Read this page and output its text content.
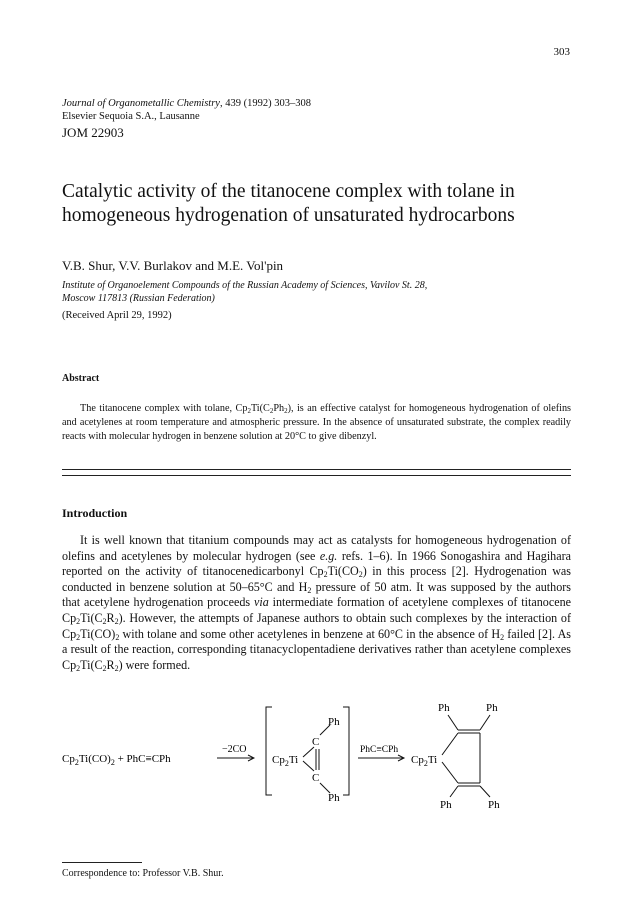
303
Journal of Organometallic Chemistry, 439 (1992) 303–308
Elsevier Sequoia S.A., Lausanne
JOM 22903
Catalytic activity of the titanocene complex with tolane in homogeneous hydrogenation of unsaturated hydrocarbons
V.B. Shur, V.V. Burlakov and M.E. Vol'pin
Institute of Organoelement Compounds of the Russian Academy of Sciences, Vavilov St. 28,
Moscow 117813 (Russian Federation)
(Received April 29, 1992)
Abstract

The titanocene complex with tolane, $Cp_2Ti(C_2Ph_2)$, is an effective catalyst for homogeneous hydrogenation of olefins and acetylenes at room temperature and atmospheric pressure. In the absence of unsaturated substrate, the complex readily reacts with molecular hydrogen in benzene solution at 20°C to give dibenzyl.

Introduction

It is well known that titanium compounds may act as catalysts for homogeneous hydrogenation of olefins and acetylenes by molecular hydrogen (see e.g. refs. 1–6). In 1966 Sonogashira and Hagihara reported on the activity of titanocenedicarbonyl $Cp_2Ti(CO_2)$ in this process [2]. Hydrogenation was conducted in benzene solution at 50–65°C and $H_2$ pressure of 50 atm. It was supposed by the authors that acetylene hydrogenation proceeds via intermediate formation of acetylene complexes of titanocene $Cp_2Ti(C_2R_2)$. However, the attempts of Japanese authors to obtain such complexes by the interaction of $Cp_2Ti(CO)_2$ with tolane and some other acetylenes in benzene at 60°C in the absence of $H_2$ failed [2]. As a result of the reaction, corresponding titanacyclopentadiene derivatives rather than acetylene complexes $Cp_2Ti(C_2R_2)$ were formed.

$Cp_2Ti(CO)_2 + PhC\equiv CPh$
−2CO
$Cp_2Ti$
C
C
Ph
Ph
PhC≡CPh
$Cp_2Ti$
Ph	Ph
Ph	Ph
Correspondence to: Professor V.B. Shur.
